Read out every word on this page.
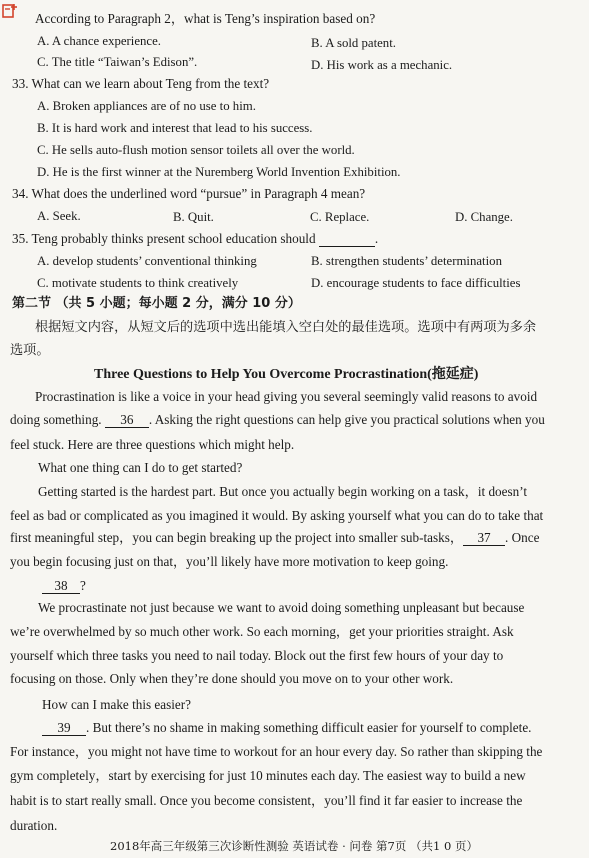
According to Paragraph 2，what is Teng’s inspiration based on?
A. A chance experience.	B. A sold patent.
C. The title “Taiwan’s Edison”.	D. His work as a mechanic.
33. What can we learn about Teng from the text?
A. Broken appliances are of no use to him.
B. It is hard work and interest that lead to his success.
C. He sells auto-flush motion sensor toilets all over the world.
D. He is the first winner at the Nuremberg World Invention Exhibition.
34. What does the underlined word “pursue” in Paragraph 4 mean?
A. Seek.	B. Quit.	C. Replace.	D. Change.
35. Teng probably thinks present school education should	.
A. develop students’ conventional thinking	B. strengthen students’ determination
C. motivate students to think creatively	D. encourage students to face difficulties
第二节 （共 5 小题；每小题 2 分，满分 10 分）
根据短文内容，从短文后的选项中选出能填入空白处的最佳选项。选项中有两项为多余
选项。
Three Questions to Help You Overcome Procrastination(拖延症)
Procrastination is like a voice in your head giving you several seemingly valid reasons to avoid
doing something. 36 . Asking the right questions can help give you practical solutions when you
feel stuck. Here are three questions which might help.
What one thing can I do to get started?
Getting started is the hardest part. But once you actually begin working on a task，it doesn’t
feel as bad or complicated as you imagined it would. By asking yourself what you can do to take that
first meaningful step，you can begin breaking up the project into smaller sub-tasks， 37 . Once
you begin focusing just on that，you’ll likely have more motivation to keep going.
38 ?
We procrastinate not just because we want to avoid doing something unpleasant but because
we’re overwhelmed by so much other work. So each morning，get your priorities straight. Ask
yourself which three tasks you need to nail today. Block out the first few hours of your day to
focusing on those. Only when they’re done should you move on to your other work.
How can I make this easier?
39 . But there’s no shame in making something difficult easier for yourself to complete.
For instance，you might not have time to workout for an hour every day. So rather than skipping the
gym completely，start by exercising for just 10 minutes each day. The easiest way to build a new
habit is to start really small. Once you become consistent，you’ll find it far easier to increase the
duration.
2018年高三年级第三次诊断性测验 英语试卷 · 问卷 第7页 （共1 0 页）
